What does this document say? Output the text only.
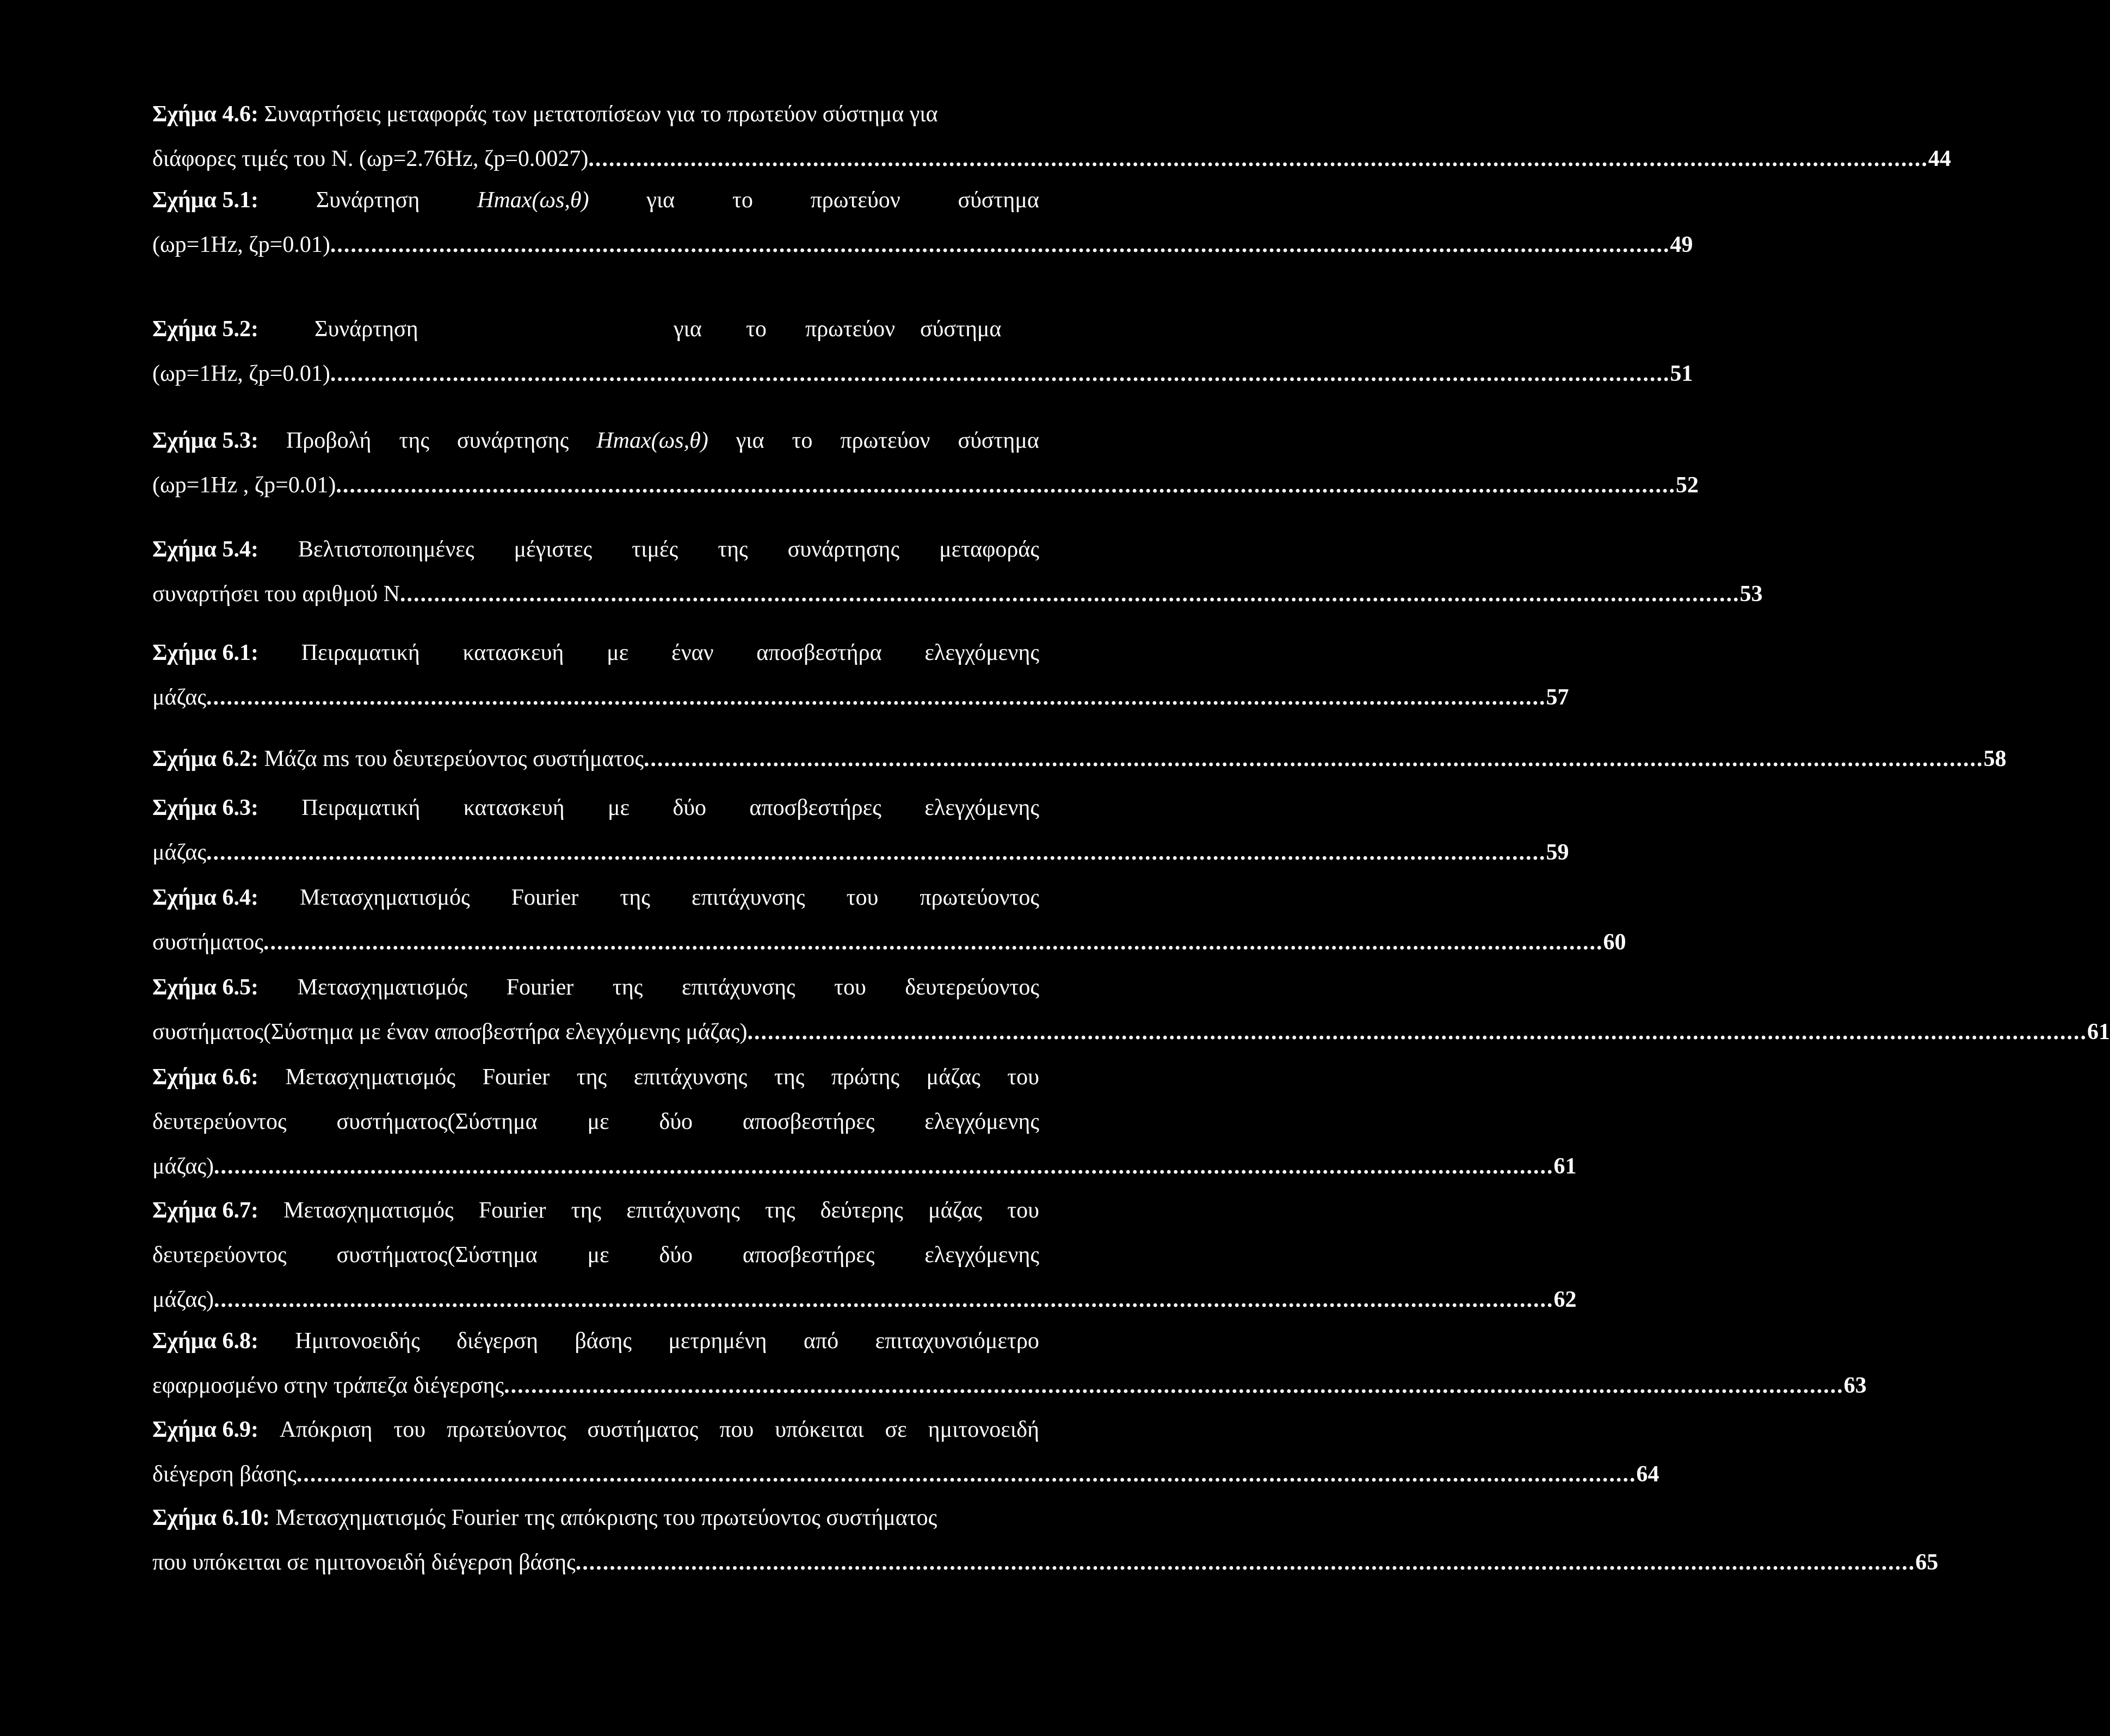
Σχήμα 4.6: Συναρτήσεις μεταφοράς των μετατοπίσεων για το πρωτεύον σύστημα για
διάφορες τιμές του Ν. (ωp=2.76Hz, ζp=0.0027) ..................................................................................................................................................................................................... 44
Σχήμα 5.1:	Συνάρτηση	Hmax(ωs,θ)	για	το	πρωτεύον	σύστημα
(ωp=1Hz, ζp=0.01) ..................................................................................................................................................................................................... 49
Σχήμα 5.2: Συνάρτηση	για το πρωτεύον σύστημα
(ωp=1Hz, ζp=0.01) ..................................................................................................................................................................................................... 51
Σχήμα 5.3: Προβολή της συνάρτησης Hmax(ωs,θ) για το πρωτεύον σύστημα
(ωp=1Hz , ζp=0.01) ..................................................................................................................................................................................................... 52
Σχήμα 5.4: Βελτιστοποιημένες μέγιστες τιμές της συνάρτησης μεταφοράς
συναρτήσει του αριθμού Ν ..................................................................................................................................................................................................... 53
Σχήμα 6.1: Πειραματική κατασκευή με έναν αποσβεστήρα ελεγχόμενης
μάζας ..................................................................................................................................................................................................... 57
Σχήμα 6.2: Μάζα ms του δευτερεύοντος συστήματος ..................................................................................................................................................................................................... 58
Σχήμα 6.3: Πειραματική κατασκευή με δύο αποσβεστήρες ελεγχόμενης
μάζας ..................................................................................................................................................................................................... 59
Σχήμα 6.4: Μετασχηματισμός Fourier της επιτάχυνσης του πρωτεύοντος
συστήματος ..................................................................................................................................................................................................... 60
Σχήμα 6.5: Μετασχηματισμός Fourier της επιτάχυνσης του δευτερεύοντος
συστήματος(Σύστημα με έναν αποσβεστήρα ελεγχόμενης μάζας) ..................................................................................................................................................................................................... 61
Σχήμα 6.6: Μετασχηματισμός Fourier της επιτάχυνσης της πρώτης μάζας του
δευτερεύοντος συστήματος(Σύστημα με δύο αποσβεστήρες ελεγχόμενης
μάζας) ..................................................................................................................................................................................................... 61
Σχήμα 6.7: Μετασχηματισμός Fourier της επιτάχυνσης της δεύτερης μάζας του
δευτερεύοντος συστήματος(Σύστημα με δύο αποσβεστήρες ελεγχόμενης
μάζας) ..................................................................................................................................................................................................... 62
Σχήμα 6.8: Ημιτονοειδής διέγερση βάσης μετρημένη από επιταχυνσιόμετρο
εφαρμοσμένο στην τράπεζα διέγερσης ..................................................................................................................................................................................................... 63
Σχήμα 6.9: Απόκριση του πρωτεύοντος συστήματος που υπόκειται σε ημιτονοειδή
διέγερση βάσης ..................................................................................................................................................................................................... 64
Σχήμα 6.10: Μετασχηματισμός Fourier της απόκρισης του πρωτεύοντος συστήματος
που υπόκειται σε ημιτονοειδή διέγερση βάσης ..................................................................................................................................................................................................... 65
